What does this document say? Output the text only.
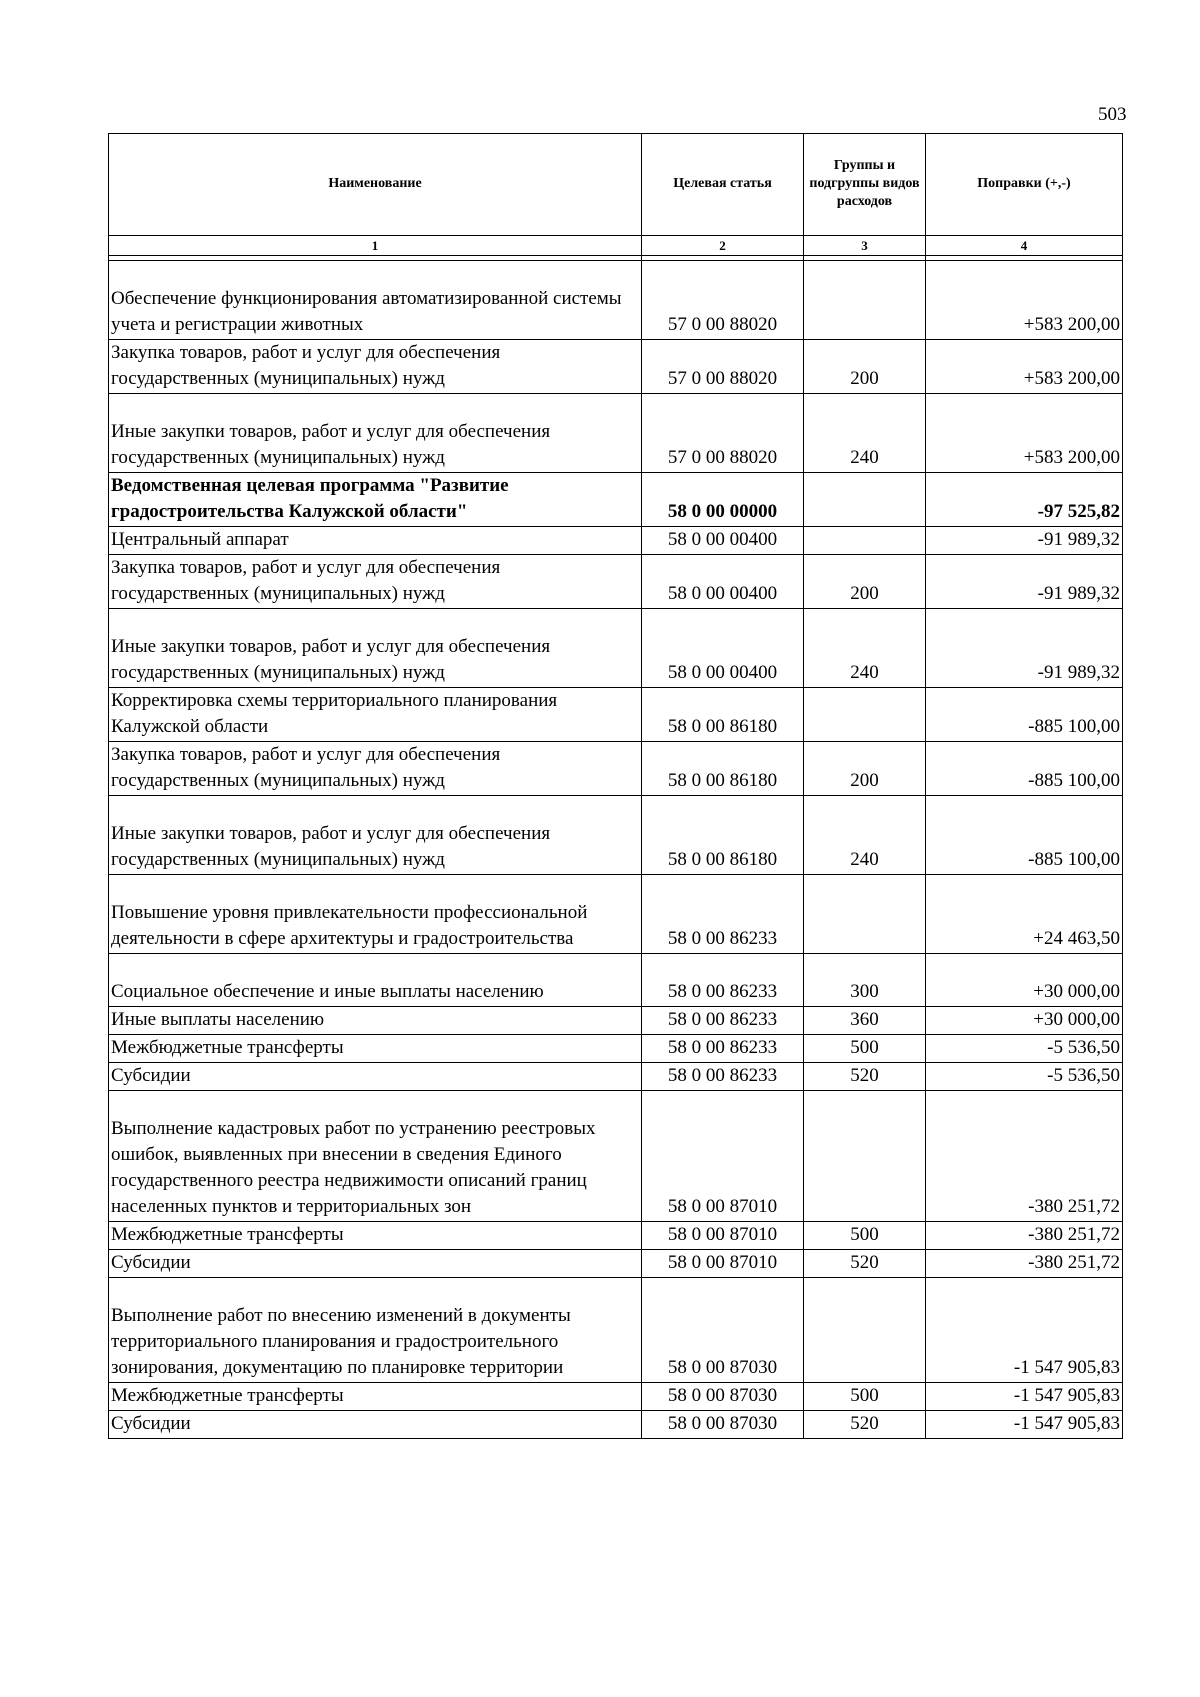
503
Наименование	Целевая статья	Группы и подгруппы видов расходов	Поправки (+,-)
1	2	3	4

Обеспечение функционирования автоматизированной системы учета и регистрации животных	57 0 00 88020		+583 200,00
Закупка товаров, работ и услуг для обеспечения государственных (муниципальных) нужд	57 0 00 88020	200	+583 200,00
Иные закупки товаров, работ и услуг для обеспечения государственных (муниципальных) нужд	57 0 00 88020	240	+583 200,00
Ведомственная целевая программа "Развитие градостроительства Калужской области"	58 0 00 00000		-97 525,82
Центральный аппарат	58 0 00 00400		-91 989,32
Закупка товаров, работ и услуг для обеспечения государственных (муниципальных) нужд	58 0 00 00400	200	-91 989,32
Иные закупки товаров, работ и услуг для обеспечения государственных (муниципальных) нужд	58 0 00 00400	240	-91 989,32
Корректировка схемы территориального планирования Калужской области	58 0 00 86180		-885 100,00
Закупка товаров, работ и услуг для обеспечения государственных (муниципальных) нужд	58 0 00 86180	200	-885 100,00
Иные закупки товаров, работ и услуг для обеспечения государственных (муниципальных) нужд	58 0 00 86180	240	-885 100,00
Повышение уровня привлекательности профессиональной деятельности в сфере архитектуры и градостроительства	58 0 00 86233		+24 463,50
Социальное обеспечение и иные выплаты населению	58 0 00 86233	300	+30 000,00
Иные выплаты населению	58 0 00 86233	360	+30 000,00
Межбюджетные трансферты	58 0 00 86233	500	-5 536,50
Субсидии	58 0 00 86233	520	-5 536,50
Выполнение кадастровых работ по устранению реестровых ошибок, выявленных при внесении в сведения Единого государственного реестра недвижимости описаний границ населенных пунктов и территориальных зон	58 0 00 87010		-380 251,72
Межбюджетные трансферты	58 0 00 87010	500	-380 251,72
Субсидии	58 0 00 87010	520	-380 251,72
Выполнение работ по внесению изменений в документы территориального планирования и градостроительного зонирования, документацию по планировке территории	58 0 00 87030		-1 547 905,83
Межбюджетные трансферты	58 0 00 87030	500	-1 547 905,83
Субсидии	58 0 00 87030	520	-1 547 905,83
